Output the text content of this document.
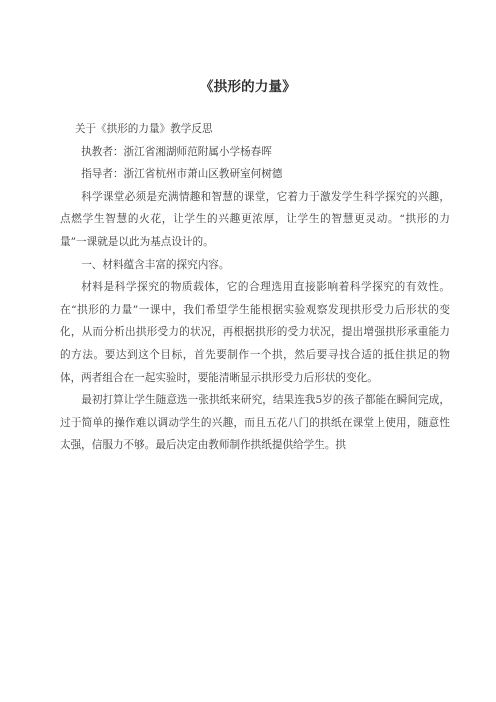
《拱形的力量》

关于《拱形的力量》教学反思

执教者：浙江省湘湖师范附属小学杨春晖

指导者：浙江省杭州市萧山区教研室何树德

科学课堂必须是充满情趣和智慧的课堂，它着力于激发学生科学探究的兴趣，点燃学生智慧的火花，让学生的兴趣更浓厚，让学生的智慧更灵动。“拱形的力量”一课就是以此为基点设计的。

一、材料蕴含丰富的探究内容。

材料是科学探究的物质载体，它的合理选用直接影响着科学探究的有效性。在“拱形的力量”一课中，我们希望学生能根据实验观察发现拱形受力后形状的变化，从而分析出拱形受力的状况，再根据拱形的受力状况，提出增强拱形承重能力的方法。要达到这个目标，首先要制作一个拱，然后要寻找合适的抵住拱足的物体，两者组合在一起实验时，要能清晰显示拱形受力后形状的变化。

最初打算让学生随意选一张拱纸来研究，结果连我5岁的孩子都能在瞬间完成，过于简单的操作难以调动学生的兴趣，而且五花八门的拱纸在课堂上使用，随意性太强，信服力不够。最后决定由教师制作拱纸提供给学生。拱
